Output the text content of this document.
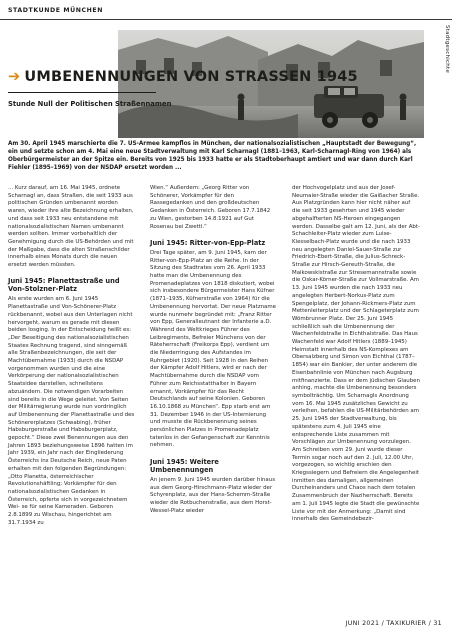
STADTKUNDE MÜNCHEN
Stadtgeschichte
➔ UMBENENNUNGEN VON STRASSEN 1945
Stunde Null der Politischen Straßennamen

Am 30. April 1945 marschierte die 7. US-Armee kampflos in München, der nationalsozialistischen „Hauptstadt der Bewegung“, ein und setzte schon am 4. Mai eine neue Stadtverwaltung mit Karl Scharnagl (1881–1963, Karl-Scharnagl-Ring von 1964) als Oberbürgermeister an der Spitze ein. Bereits von 1925 bis 1933 hatte er als Stadtoberhaupt amtiert und war dann durch Karl Fiehler (1895–1969) von der NSDAP ersetzt worden ...

... Kurz darauf, am 16. Mai 1945, ordnete Scharnagl an, dass Straßen, die seit 1933 aus politischen Gründen umbenannt worden waren, wieder ihre alte Bezeichnung erhalten, und dass seit 1933 neu entstandene mit nationalsozialistischen Namen umbenannt werden sollten. Immer vorbehaltlich der Genehmigung durch die US-Behörden und mit der Maßgabe, dass die alten Straßenschilder innerhalb eines Monats durch die neuen ersetzt werden müssten.

Juni 1945: Planettastraße und Von-Stolzner-Platz

Als erste wurden am 6. Juni 1945 Planettastraße und Von-Schönerer-Platz rückbenannt, wobei aus den Unterlagen nicht hervorgeht, warum es gerade mit diesen beiden losging. In der Entscheidung heißt es: „Der Beseitigung des nationalsozialistischen Staates Rechnung tragend, sind sinngemäß alle Straßenbezeichnungen, die seit der Machtübernahme (1933) durch die NSDAP vorgenommen wurden und die eine Verkörperung der nationalsozialistischen Staatsidee darstellen, schnellstens abzuändern. Die notwendigen Vorarbeiten sind bereits in die Wege geleitet. Von Seiten der Militärregierung wurde nun vordringlich auf Umbenennung der Planettastraße und des Schönererplatzes (Schwabing), früher Habsburgerstraße und Habsburgerplatz, gepocht.“ Diese zwei Benennungen aus den Jahren 1893 beziehungsweise 1896 hatten im Jahr 1939, ein Jahr nach der Eingliederung Österreichs ins Deutsche Reich, neue Paten erhalten mit den folgenden Begründungen: „Otto Planetta, österreichischer Revolutionshäftling; Vorkämpfer für den nationalsozialistischen Gedanken in Österreich, opferte sich in vorgezeichnetem Wei- se für seine Kameraden. Geboren 2.8.1899 zu Wischau, hingerichtet am 31.7.1934 zu

Wien.“ Außerdem: „Georg Ritter von Schönerer, Vorkämpfer für den Rassegedanken und den großdeutschen Gedanken in Österreich. Geboren 17.7.1842 zu Wien, gestorben 14.8.1921 auf Gut Rosenau bei Zwettl.“

Juni 1945: Ritter-von-Epp-Platz

Drei Tage später, am 9. Juni 1945, kam der Ritter-von-Epp-Platz an die Reihe. In der Sitzung des Stadtrates vom 26. April 1933 hatte man die Umbenennung des Promenadeplatzes von 1818 diskutiert, wobei sich insbesondere Bürgermeister Hans Küfner (1871–1935, Küfnerstraße von 1964) für die Umbenennung hervortat. Der neue Platzname wurde nunmehr begründet mit: „Franz Ritter von Epp, Generalleutnant der Infanterie a.D. Während des Weltkrieges Führer des Leibregiments, Befreier Münchens von der Räteherrschaft (Freikorps Epp), verdient um die Niederringung des Aufstandes im Ruhrgebiet (1920). Seit 1928 in den Reihen der Kämpfer Adolf Hitlers, wird er nach der Machtübernahme durch die NSDAP vom Führer zum Reichsstatthalter in Bayern ernannt, Vorkämpfer für das Recht Deutschlands auf seine Kolonien. Geboren 16.10.1868 zu München“. Epp starb erst am 31. Dezember 1946 in der US-Internierung und musste die Rückbenennung seines persönlichen Platzes in Promenadeplatz tatenlos in der Gefangenschaft zur Kenntnis nehmen.

Juni 1945: Weitere Umbenennungen

An jenem 9. Juni 1945 wurden darüber hinaus aus dem Georg-Hirschmann-Platz wieder der Schyrenplatz, aus der Hans-Schemm-Straße wieder die Rotbuchenstraße, aus dem Horst-Wessel-Platz wieder

der Hochvogelplatz und aus der Josef-Neumaier-Straße wieder die Gaißacher Straße. Aus Platzgründen kann hier nicht näher auf die seit 1933 gesehrten und 1945 wieder abgehalfterten NS-Heroen eingegangen werden. Dasselbe galt am 12. Juni, als der Abt-Schachleiter-Platz wieder zum Luise-Kiesselbach-Platz wurde und die nach 1933 neu angelegten Daniel-Sauer-Straße zur Friedrich-Ebert-Straße, die Julius-Schreck-Straße zur Hirsch-Gereuth-Straße, die Maikowskistraße zur Stresemannstraße sowie die Oskar-Körner-Straße zur Vollmarstraße. Am 13. Juni 1945 wurden die nach 1933 neu angelegten Herbert-Norkus-Platz zum Spengelplatz, der Johann-Rickmers-Platz zum Mettenleiterplatz und der Schlageterplatz zum Wömbrunner Platz. Der 25. Juni 1945 schließlich sah die Umbenennung der Wachenfeldstraße in Eichthalstraße. Das Haus Wachenfeld war Adolf Hitlers (1889–1945) Heimstatt innerhalb des NS-Komplexes am Obersalzberg und Simon von Eichthal (1787–1854) war ein Bankier, der unter anderem die Eisenbahnlinie von München nach Augsburg mitfinanzierte. Dass er dem jüdischen Glauben anhing, machte die Umbenennung besonders symbolträchtig. Um Scharnagls Anordnung vom 16. Mai 1945 zusätzliches Gewicht zu verleihen, befahlen die US-Militärbehörden am 25. Juni 1945 der Stadtverwaltung, bis spätestens zum 4. Juli 1945 eine entsprechende Liste zusammen mit Vorschlägen zur Umbenennung vorzulegen. Am Schreiben vom 29. Juni wurde dieser Termin sogar noch auf den 2. Juli, 12.00 Uhr, vorgezogen, so wichtig erschien den Kriegssiegern und Befreiern die Angelegenheit inmitten des damaligen, allgemeinen Durcheinanders und Chaos nach dem totalen Zusammenbruch der Naziherrschaft. Bereits am 1. Juli 1945 legte die Stadt die gewünschte Liste vor mit der Anmerkung: „Damit sind innerhalb des Gemeindebezir-

JUNI 2021 / TAXIKURIER / 31
